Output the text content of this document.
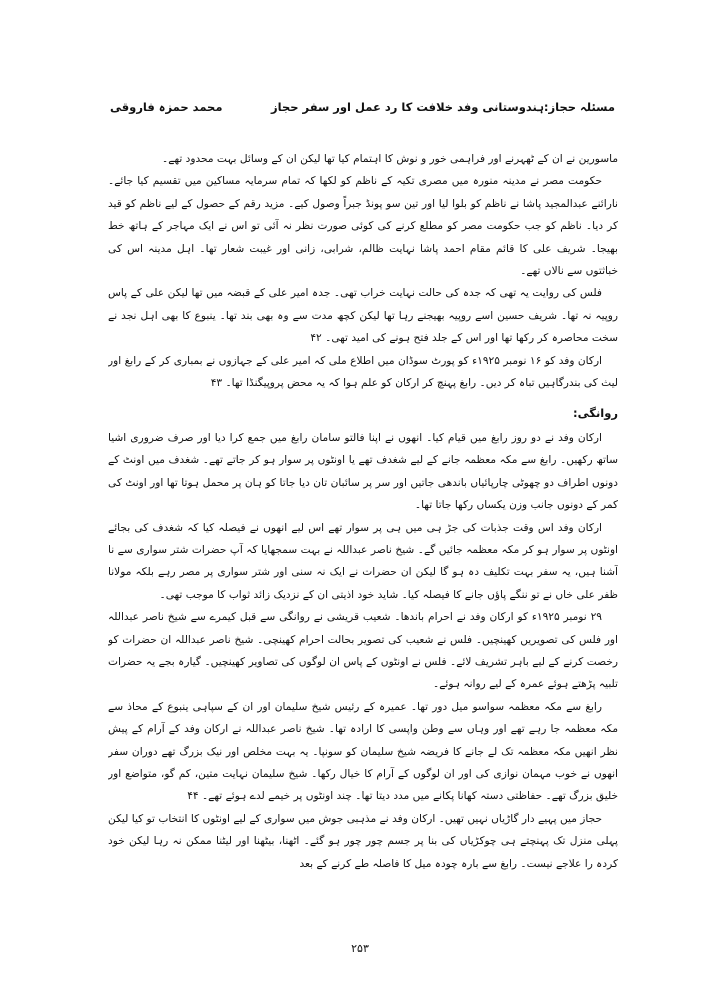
مسئلہ حجاز:ہندوستانی وفد خلافت کا رد عمل اور سفر حجاز
محمد حمزہ فاروقی

ماسورین نے ان کے ٹھہرنے اور فراہمی خور و نوش کا اہتمام کیا تھا لیکن ان کے وسائل بہت محدود تھے۔

حکومت مصر نے مدینہ منورہ میں مصری تکیہ کے ناظم کو لکھا کہ تمام سرمایہ مساکین میں تقسیم کیا جائے۔ نارائنے عبدالمجید پاشا نے ناظم کو بلوا لیا اور تین سو پونڈ جبراً وصول کیے۔ مزید رقم کے حصول کے لیے ناظم کو قید کر دیا۔ ناظم کو جب حکومت مصر کو مطلع کرنے کی کوئی صورت نظر نہ آئی تو اس نے ایک مہاجر کے ہاتھ خط بھیجا۔ شریف علی کا قائم مقام احمد پاشا نہایت ظالم، شرابی، زانی اور غیبت شعار تھا۔ اہل مدینہ اس کی خباثتوں سے نالاں تھے۔

فلس کی روایت یہ تھی کہ جدہ کی حالت نہایت خراب تھی۔ جدہ امیر علی کے قبضہ میں تھا لیکن علی کے پاس روپیہ نہ تھا۔ شریف حسین اسے روپیہ بھیجنے رہا تھا لیکن کچھ مدت سے وہ بھی بند تھا۔ ینبوع کا بھی اہل نجد نے سخت محاصرہ کر رکھا تھا اور اس کے جلد فتح ہونے کی امید تھی۔ ۴۲

ارکان وفد کو ۱۶ نومبر ۱۹۲۵ء کو پورٹ سوڈان میں اطلاع ملی کہ امیر علی کے جہازوں نے بمباری کر کے رابغ اور لیث کی بندرگاہیں تباہ کر دیں۔ رابغ پہنچ کر ارکان کو علم ہوا کہ یہ محض پروپیگنڈا تھا۔ ۴۳

روانگی:

ارکان وفد نے دو روز رابغ میں قیام کیا۔ انھوں نے اپنا فالتو سامان رابغ میں جمع کرا دیا اور صرف ضروری اشیا ساتھ رکھیں۔ رابغ سے مکہ معظمہ جانے کے لیے شغدف تھے یا اونٹوں پر سوار ہو کر جاتے تھے۔ شغدف میں اونٹ کے دونوں اطراف دو چھوٹی چارپائیاں باندھی جاتیں اور سر پر سائبان تان دیا جاتا کو ہان پر محمل ہوتا تھا اور اونٹ کی کمر کے دونوں جانب وزن یکساں رکھا جاتا تھا۔

ارکان وفد اس وقت جذبات کی جڑ ہی میں ہی پر سوار تھے اس لیے انھوں نے فیصلہ کیا کہ شغدف کی بجائے اونٹوں پر سوار ہو کر مکہ معظمہ جائیں گے۔ شیخ ناصر عبداللہ نے بہت سمجھایا کہ آپ حضرات شتر سواری سے نا آشنا ہیں، یہ سفر بہت تکلیف دہ ہو گا لیکن ان حضرات نے ایک نہ سنی اور شتر سواری پر مصر رہے بلکہ مولانا ظفر علی خاں نے تو ننگے پاؤں جانے کا فیصلہ کیا۔ شاید خود اذیتی ان کے نزدیک زائد ثواب کا موجب تھی۔

۲۹ نومبر ۱۹۲۵ء کو ارکان وفد نے احرام باندھا۔ شعیب قریشی نے روانگی سے قبل کیمرے سے شیخ ناصر عبداللہ اور فلس کی تصویریں کھینچیں۔ فلس نے شعیب کی تصویر بحالت احرام کھینچی۔ شیخ ناصر عبداللہ ان حضرات کو رخصت کرنے کے لیے باہر تشریف لائے۔ فلس نے اونٹوں کے پاس ان لوگوں کی تصاویر کھینچیں۔ گیارہ بجے یہ حضرات تلبیہ پڑھتے ہوئے عمرہ کے لیے روانہ ہوئے۔

رابغ سے مکہ معظمہ سواسو میل دور تھا۔ عمیرہ کے رئیس شیخ سلیمان اور ان کے سپاہی ینبوع کے محاذ سے مکہ معظمہ جا رہے تھے اور وہاں سے وطن واپسی کا ارادہ تھا۔ شیخ ناصر عبداللہ نے ارکان وفد کے آرام کے پیش نظر انھیں مکہ معظمہ تک لے جانے کا فریضہ شیخ سلیمان کو سونپا۔ یہ بہت مخلص اور نیک بزرگ تھے دوران سفر انھوں نے خوب مہمان نوازی کی اور ان لوگوں کے آرام کا خیال رکھا۔ شیخ سلیمان نہایت متین، کم گو، متواضع اور خلیق بزرگ تھے۔ حفاظتی دستہ کھانا پکانے میں مدد دیتا تھا۔ چند اونٹوں پر خیمے لدے ہوئے تھے۔ ۴۴

حجاز میں پہیے دار گاڑیاں نہیں تھیں۔ ارکان وفد نے مذہبی جوش میں سواری کے لیے اونٹوں کا انتخاب تو کیا لیکن پہلی منزل تک پہنچتے ہی چوکڑیاں کی بنا پر جسم چور چور ہو گئے۔ اٹھنا، بیٹھنا اور لیٹنا ممکن نہ رہا لیکن خود کردہ را علاجے نیست۔ رابغ سے بارہ چودہ میل کا فاصلہ طے کرنے کے بعد

۲۵۳
